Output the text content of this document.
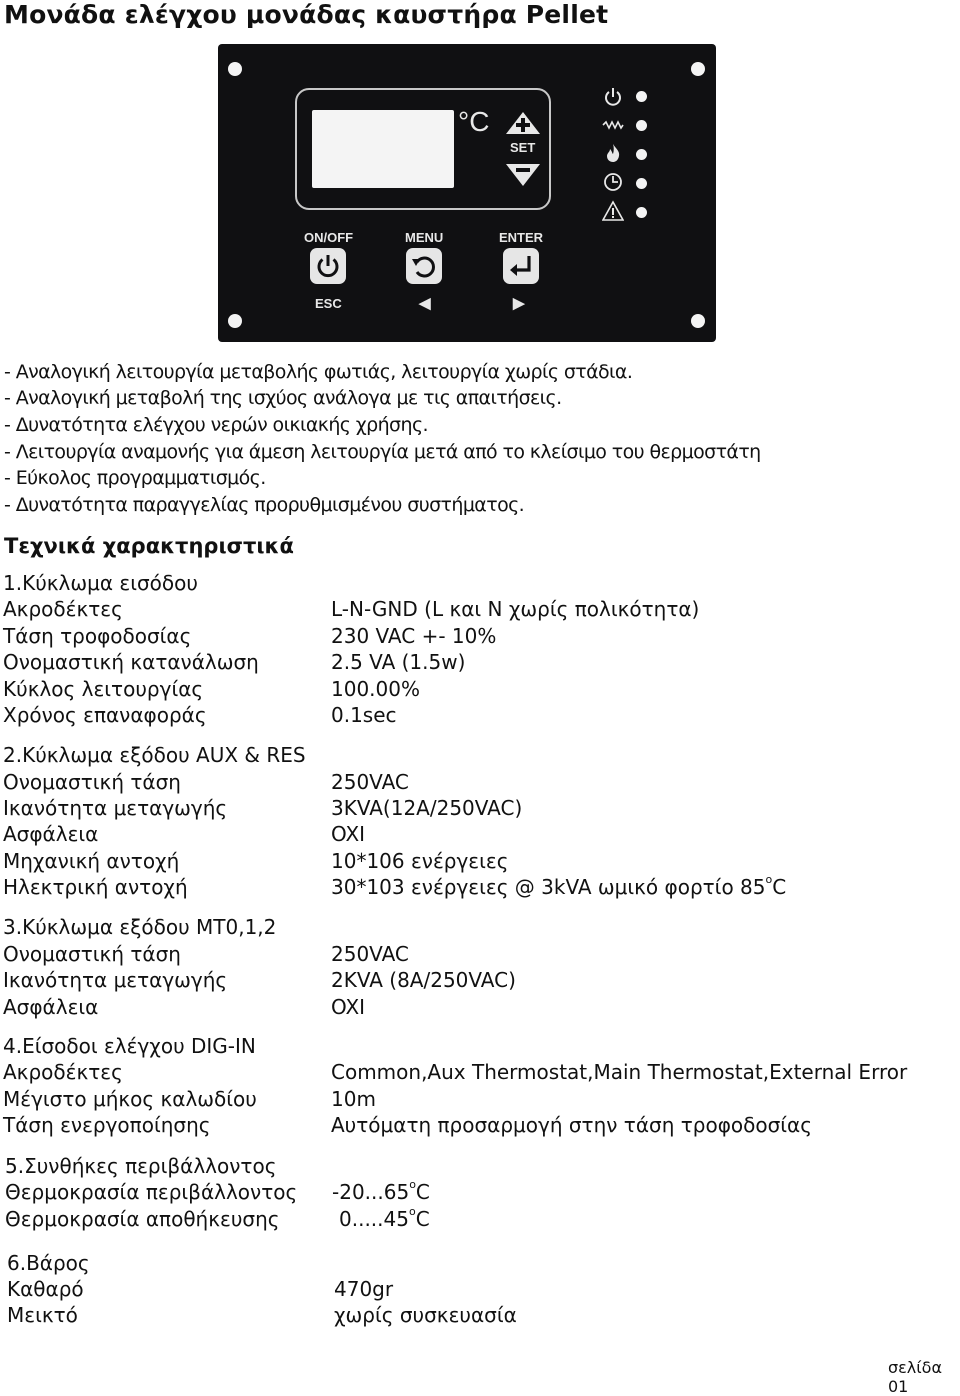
Μονάδα ελέγχου μονάδας καυστήρα Pellet
°C
SET
ON/OFF	MENU	ENTER
ESC	◀	▶
- Αναλογική λειτουργία μεταβολής φωτιάς, λειτουργία χωρίς στάδια.
- Αναλογική μεταβολή της ισχύος ανάλογα με τις απαιτήσεις.
- Δυνατότητα ελέγχου νερών οικιακής χρήσης.
- Λειτουργία αναμονής για άμεση λειτουργία μετά από το κλείσιμο του θερμοστάτη
- Εύκολος προγραμματισμός.
- Δυνατότητα παραγγελίας προρυθμισμένου συστήματος.
Τεχνικά χαρακτηριστικά
1.Κύκλωμα εισόδου
Ακροδέκτες	L-N-GND (L και N χωρίς πολικότητα)
Τάση τροφοδοσίας	230 VAC +- 10%
Ονομαστική κατανάλωση	2.5 VA (1.5w)
Κύκλος λειτουργίας	100.00%
Χρόνος επαναφοράς	0.1sec
2.Κύκλωμα εξόδου AUX & RES
Ονομαστική τάση	250VAC
Ικανότητα μεταγωγής	3KVA(12A/250VAC)
Ασφάλεια	OXI
Μηχανική αντοχή	10*106 ενέργειες
Ηλεκτρική αντοχή	30*103 ενέργειες @ 3kVA ωμικό φορτίο 85$^o$C
3.Κύκλωμα εξόδου MT0,1,2
Ονομαστική τάση	250VAC
Ικανότητα μεταγωγής	2KVA (8A/250VAC)
Ασφάλεια	OXI
4.Είσοδοι ελέγχου DIG-IN
Ακροδέκτες	Common,Aux Thermostat,Main Thermostat,External Error
Μέγιστο μήκος καλωδίου	10m
Τάση ενεργοποίησης	Αυτόματη προσαρμογή στην τάση τροφοδοσίας
5.Συνθήκες περιβάλλοντος
Θερμοκρασία περιβάλλοντος -20...65$^o$C
Θερμοκρασία αποθήκευσης	0.....45$^o$C
6.Βάρος
Καθαρό	470gr
Μεικτό	χωρίς συσκευασία
σελίδα 01
